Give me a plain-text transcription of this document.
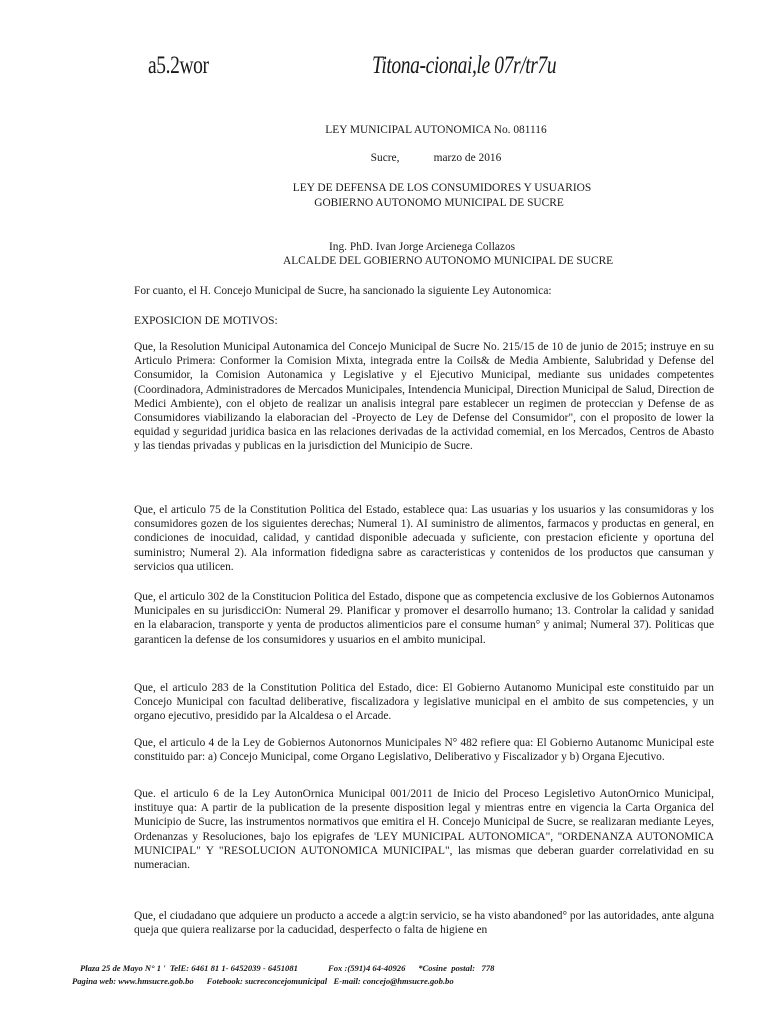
a5.2wor	Titona-cionai,le 07r/tr7u
LEY MUNICIPAL AUTONOMICA No. 081116
Sucre,            marzo de 2016
LEY DE DEFENSA DE LOS CONSUMIDORES Y USUARIOS
GOBIERNO AUTONOMO MUNICIPAL DE SUCRE
Ing. PhD. Ivan Jorge Arcienega Collazos
ALCALDE DEL GOBIERNO AUTONOMO MUNICIPAL DE SUCRE

For cuanto, el H. Concejo Municipal de Sucre, ha sancionado la siguiente Ley Autonomica:

EXPOSICION DE MOTIVOS:

Que, la Resolution Municipal Autonamica del Concejo Municipal de Sucre No. 215/15 de 10 de junio de 2015; instruye en su Articulo Primera: Conformer la Comision Mixta, integrada entre la Coils& de Media Ambiente, Salubridad y Defense del Consumidor, la Comision Autonamica y Legislative y el Ejecutivo Municipal, mediante sus unidades competentes (Coordinadora, Administradores de Mercados Municipales, Intendencia Municipal, Direction Municipal de Salud, Direction de Medici Ambiente), con el objeto de realizar un analisis integral pare establecer un regimen de proteccian y Defense de as Consumidores viabilizando la elaboracian del -Proyecto de Ley de Defense del Consumidor", con el proposito de lower la equidad y seguridad juridica basica en las relaciones derivadas de la actividad comemial, en los Mercados, Centros de Abasto y las tiendas privadas y publicas en la jurisdiction del Municipio de Sucre.

Que, el articulo 75 de la Constitution Politica del Estado, establece qua: Las usuarias y los usuarios y las consumidoras y los consumidores gozen de los siguientes derechas; Numeral 1). AI suministro de alimentos, farmacos y productas en general, en condiciones de inocuidad, calidad, y cantidad disponible adecuada y suficiente, con prestacion eficiente y oportuna del suministro; Numeral 2). Ala information fidedigna sabre as caracteristicas y contenidos de los productos que cansuman y servicios qua utilicen.

Que, el articulo 302 de la Constitucion Politica del Estado, dispone que as competencia exclusive de los Gobiernos Autonamos Municipales en su jurisdicciOn: Numeral 29. Planificar y promover el desarrollo humano; 13. Controlar la calidad y sanidad en la elabaracion, transporte y yenta de productos alimenticios pare el consume human° y animal; Numeral 37). Politicas que garanticen la defense de los consumidores y usuarios en el ambito municipal.

Que, el articulo 283 de la Constitution Politica del Estado, dice: El Gobierno Autanomo Municipal este constituido par un Concejo Municipal con facultad deliberative, fiscalizadora y legislative municipal en el ambito de sus competencies, y un organo ejecutivo, presidido par la Alcaldesa o el Arcade.

Que, el articulo 4 de la Ley de Gobiernos Autonornos Municipales N° 482 refiere qua: El Gobierno Autanomc Municipal este constituido par: a) Concejo Municipal, come Organo Legislativo, Deliberativo y Fiscalizador y b) Organa Ejecutivo.

Que. el articulo 6 de la Ley AutonOrnica Municipal 001/2011 de Inicio del Proceso Legisletivo AutonOrnico Municipal, instituye qua: A partir de la publication de la presente disposition legal y mientras entre en vigencia la Carta Organica del Municipio de Sucre, las instrumentos normativos que emitira el H. Concejo Municipal de Sucre, se realizaran mediante Leyes, Ordenanzas y Resoluciones, bajo los epigrafes de 'LEY MUNICIPAL AUTONOMICA", "ORDENANZA AUTONOMICA MUNICIPAL" Y "RESOLUCION AUTONOMICA MUNICIPAL", las mismas que deberan guarder correlatividad en su numeracian.

Que, el ciudadano que adquiere un producto a accede a algt:in servicio, se ha visto abandoned° por las autoridades, ante alguna queja que quiera realizarse por la caducidad, desperfecto o falta de higiene en

Plaza 25 de Mayo N° 1 '  TelE: 6461 81 1- 6452039 - 6451081              Fox :(591)4 64-40926      *Cosine  postal:   778
Pagina web: www.hmsucre.gob.bo      Fotebook: sucreconcejomunicipal   E-mail: concejo@hmsucre.gob.bo
